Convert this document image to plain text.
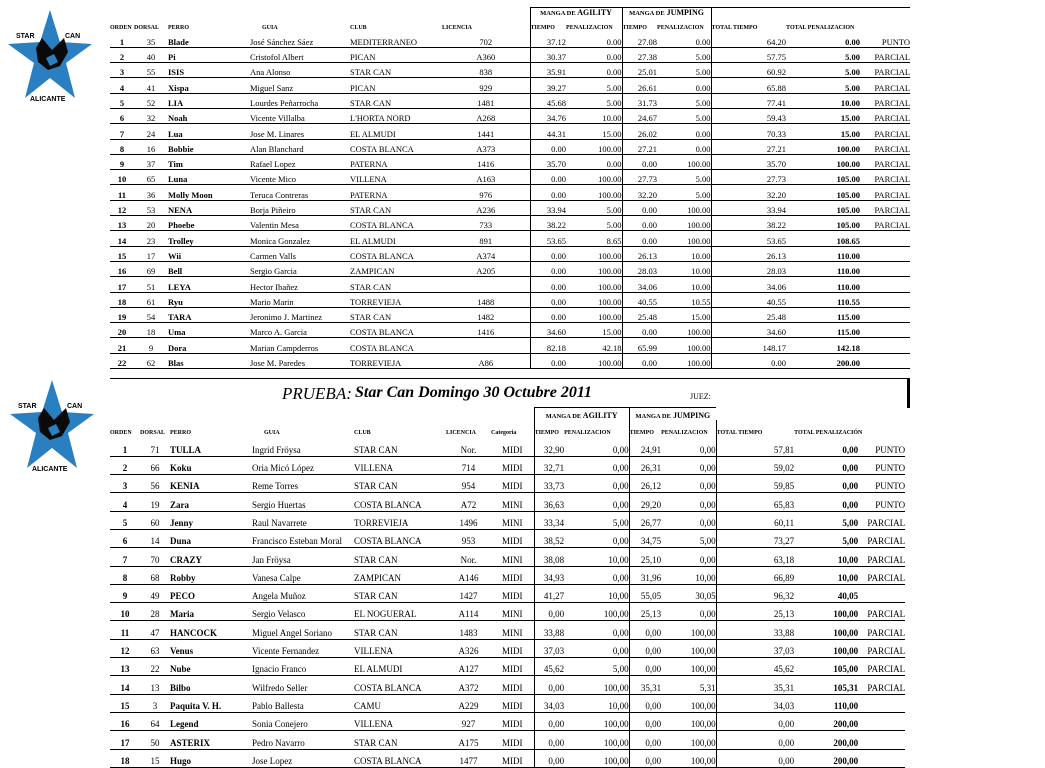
STAR	CAN
ALICANTE
STAR	CAN
ALICANTE
						MANGA DE AGILITY		MANGA DE JUMPING				
ORDEN	DORSAL	PERRO	GUIA	CLUB	LICENCIA	TIEMPO	PENALIZACION	TIEMPO	PENALIZACION	TOTAL TIEMPO	TOTAL PENALIZACION	
1	35	Blade	José Sánchez Sáez	MEDITERRANEO	702	37.12	0.00	27.08	0.00	64.20	0.00	PUNTO
2	40	Pi	Cristofol Albert	PICAN	A360	30.37	0.00	27.38	5.00	57.75	5.00	PARCIAL
3	55	ISIS	Ana Alonso	STAR CAN	838	35.91	0.00	25.01	5.00	60.92	5.00	PARCIAL
4	41	Xispa	Miguel Sanz	PICAN	929	39.27	5.00	26.61	0.00	65.88	5.00	PARCIAL
5	52	LIA	Lourdes Peñarrocha	STAR CAN	1481	45.68	5.00	31.73	5.00	77.41	10.00	PARCIAL
6	32	Noah	Vicente Villalba	L'HORTA NORD	A268	34.76	10.00	24.67	5.00	59.43	15.00	PARCIAL
7	24	Lua	Jose M. Linares	EL ALMUDI	1441	44.31	15.00	26.02	0.00	70.33	15.00	PARCIAL
8	16	Bobbie	Alan Blanchard	COSTA BLANCA	A373	0.00	100.00	27.21	0.00	27.21	100.00	PARCIAL
9	37	Tim	Rafael Lopez	PATERNA	1416	35.70	0.00	0.00	100.00	35.70	100.00	PARCIAL
10	65	Luna	Vicente Mico	VILLENA	A163	0.00	100.00	27.73	5.00	27.73	105.00	PARCIAL
11	36	Molly Moon	Teruca Contreras	PATERNA	976	0.00	100.00	32.20	5.00	32.20	105.00	PARCIAL
12	53	NENA	Borja Piñeiro	STAR CAN	A236	33.94	5.00	0.00	100.00	33.94	105.00	PARCIAL
13	20	Phoebe	Valentin Mesa	COSTA BLANCA	733	38.22	5.00	0.00	100.00	38.22	105.00	PARCIAL
14	23	Trolley	Monica Gonzalez	EL ALMUDI	891	53.65	8.65	0.00	100.00	53.65	108.65	
15	17	Wii	Carmen Valls	COSTA BLANCA	A374	0.00	100.00	26.13	10.00	26.13	110.00	
16	69	Bell	Sergio Garcia	ZAMPICAN	A205	0.00	100.00	28.03	10.00	28.03	110.00	
17	51	LEYA	Hector Ibañez	STAR CAN		0.00	100.00	34.06	10.00	34.06	110.00	
18	61	Ryu	Mario Marin	TORREVIEJA	1488	0.00	100.00	40.55	10.55	40.55	110.55	
19	54	TARA	Jeronimo J. Martinez	STAR CAN	1482	0.00	100.00	25.48	15.00	25.48	115.00	
20	18	Uma	Marco A. Garcia	COSTA BLANCA	1416	34.60	15.00	0.00	100.00	34.60	115.00	
21	9	Dora	Marian Campderros	COSTA BLANCA		82.18	42.18	65.99	100.00	148.17	142.18	
22	62	Blas	Jose M. Paredes	TORREVIEJA	A86	0.00	100.00	0.00	100.00	0.00	200.00	
PRUEBA: Star Can Domingo 30 Octubre 2011	JUEZ:
							MANGA DE AGILITY		MANGA DE JUMPING				
ORDEN	DORSAL	PERRO	GUIA	CLUB	LICENCIA	Categoria	TIEMPO	PENALIZACION	TIEMPO	PENALIZACION	TOTAL TIEMPO	TOTAL PENALIZACIÓN	
1	71	TULLA	Ingrid Fröysa	STAR CAN	Nor.	MIDI	32,90	0,00	24,91	0,00	57,81	0,00	PUNTO
2	66	Koku	Oria Micó López	VILLENA	714	MIDI	32,71	0,00	26,31	0,00	59,02	0,00	PUNTO
3	56	KENIA	Reme Torres	STAR CAN	954	MIDI	33,73	0,00	26,12	0,00	59,85	0,00	PUNTO
4	19	Zara	Sergio Huertas	COSTA BLANCA	A72	MINI	36,63	0,00	29,20	0,00	65,83	0,00	PUNTO
5	60	Jenny	Raul Navarrete	TORREVIEJA	1496	MINI	33,34	5,00	26,77	0,00	60,11	5,00	PARCIAL
6	14	Duna	Francisco Esteban Moral	COSTA BLANCA	953	MIDI	38,52	0,00	34,75	5,00	73,27	5,00	PARCIAL
7	70	CRAZY	Jan Fröysa	STAR CAN	Nor.	MINI	38,08	10,00	25,10	0,00	63,18	10,00	PARCIAL
8	68	Robby	Vanesa Calpe	ZAMPICAN	A146	MIDI	34,93	0,00	31,96	10,00	66,89	10,00	PARCIAL
9	49	PECO	Angela Muñoz	STAR CAN	1427	MIDI	41,27	10,00	55,05	30,05	96,32	40,05	
10	28	Maria	Sergio Velasco	EL NOGUERAL	A114	MINI	0,00	100,00	25,13	0,00	25,13	100,00	PARCIAL
11	47	HANCOCK	Miguel Angel Soriano	STAR CAN	1483	MINI	33,88	0,00	0,00	100,00	33,88	100,00	PARCIAL
12	63	Venus	Vicente Fernandez	VILLENA	A326	MIDI	37,03	0,00	0,00	100,00	37,03	100,00	PARCIAL
13	22	Nube	Ignacio Franco	EL ALMUDI	A127	MIDI	45,62	5,00	0,00	100,00	45,62	105,00	PARCIAL
14	13	Bilbo	Wilfredo Seller	COSTA BLANCA	A372	MIDI	0,00	100,00	35,31	5,31	35,31	105,31	PARCIAL
15	3	Paquita V. H.	Pablo Ballesta	CAMU	A229	MIDI	34,03	10,00	0,00	100,00	34,03	110,00	
16	64	Legend	Sonia Conejero	VILLENA	927	MIDI	0,00	100,00	0,00	100,00	0,00	200,00	
17	50	ASTERIX	Pedro Navarro	STAR CAN	A175	MIDI	0,00	100,00	0,00	100,00	0,00	200,00	
18	15	Hugo	Jose Lopez	COSTA BLANCA	1477	MIDI	0,00	100,00	0,00	100,00	0,00	200,00	
